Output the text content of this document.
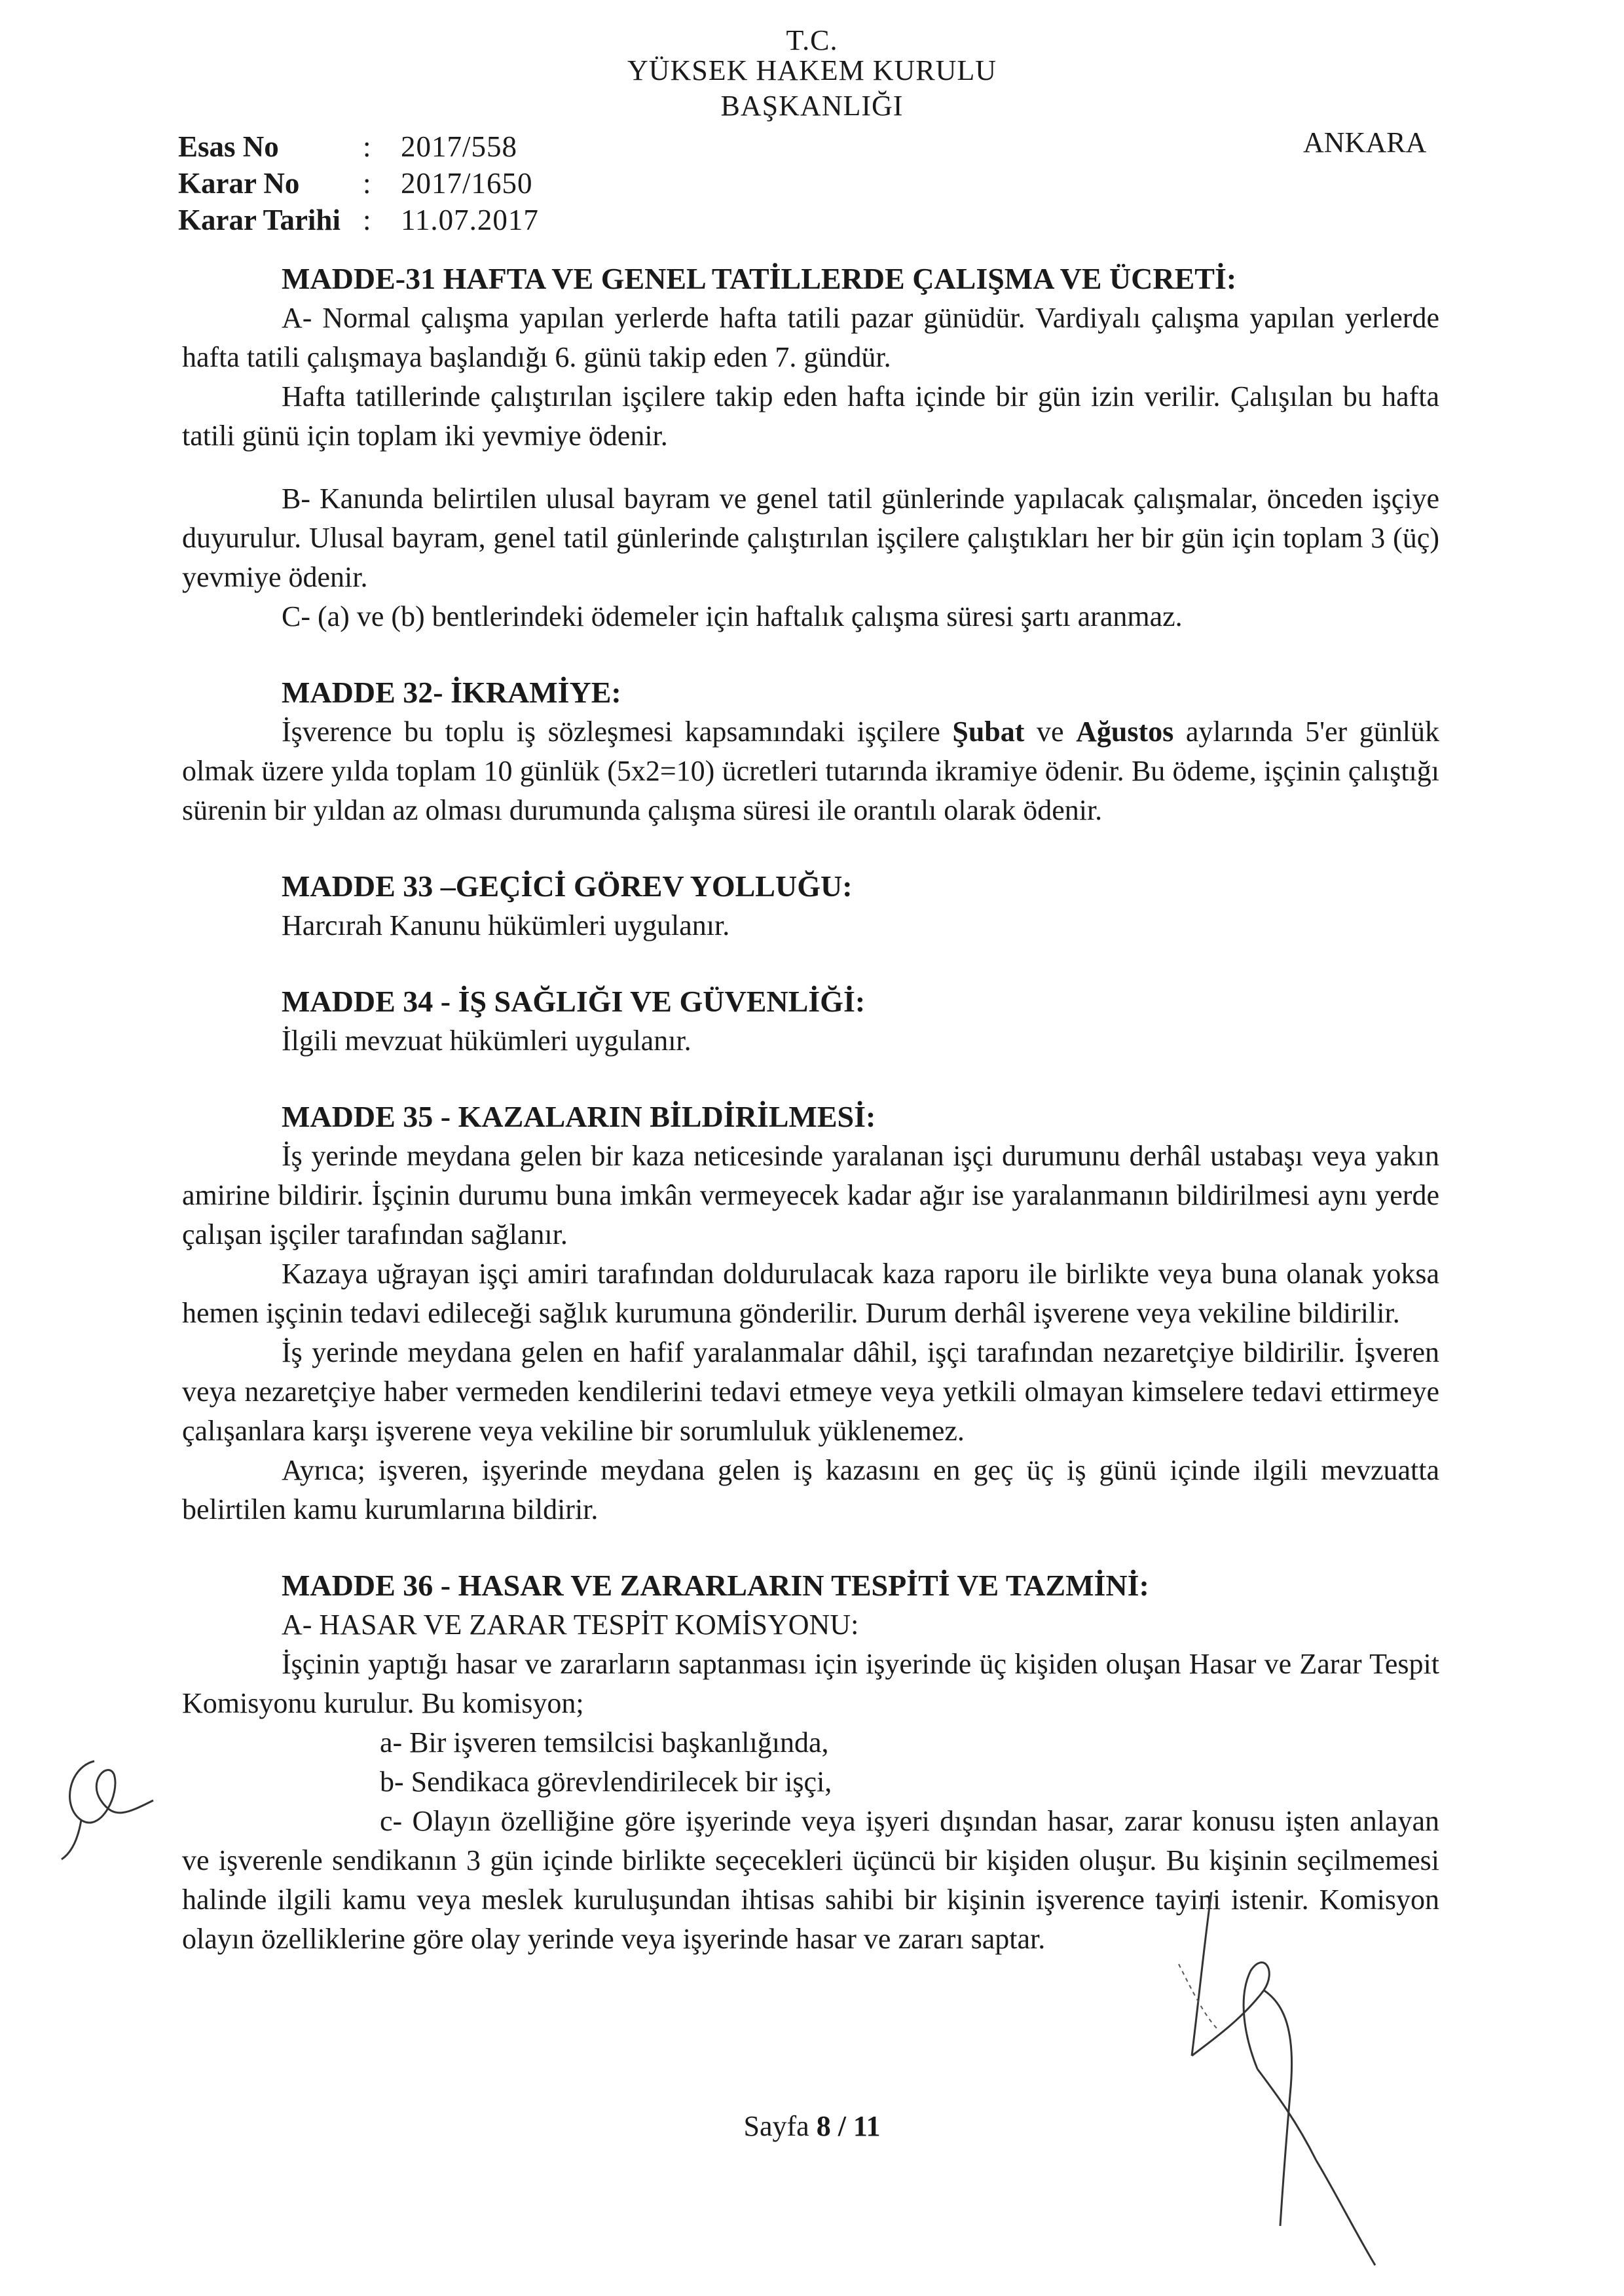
T.C.
YÜKSEK HAKEM KURULU
BAŞKANLIĞI
ANKARA
Esas No	:	2017/558
Karar No	:	2017/1650
Karar Tarihi :	11.07.2017

MADDE-31 HAFTA VE GENEL TATİLLERDE ÇALIŞMA VE ÜCRETİ:

A- Normal çalışma yapılan yerlerde hafta tatili pazar günüdür. Vardiyalı çalışma yapılan yerlerde hafta tatili çalışmaya başlandığı 6. günü takip eden 7. gündür.

Hafta tatillerinde çalıştırılan işçilere takip eden hafta içinde bir gün izin verilir. Çalışılan bu hafta tatili günü için toplam iki yevmiye ödenir.

B- Kanunda belirtilen ulusal bayram ve genel tatil günlerinde yapılacak çalışmalar, önceden işçiye duyurulur. Ulusal bayram, genel tatil günlerinde çalıştırılan işçilere çalıştıkları her bir gün için toplam 3 (üç) yevmiye ödenir.

C- (a) ve (b) bentlerindeki ödemeler için haftalık çalışma süresi şartı aranmaz.

MADDE 32- İKRAMİYE:

İşverence bu toplu iş sözleşmesi kapsamındaki işçilere Şubat ve Ağustos aylarında 5'er günlük olmak üzere yılda toplam 10 günlük (5x2=10) ücretleri tutarında ikramiye ödenir. Bu ödeme, işçinin çalıştığı sürenin bir yıldan az olması durumunda çalışma süresi ile orantılı olarak ödenir.

MADDE 33 –GEÇİCİ GÖREV YOLLUĞU:

Harcırah Kanunu hükümleri uygulanır.

MADDE 34 - İŞ SAĞLIĞI VE GÜVENLİĞİ:

İlgili mevzuat hükümleri uygulanır.

MADDE 35 - KAZALARIN BİLDİRİLMESİ:

İş yerinde meydana gelen bir kaza neticesinde yaralanan işçi durumunu derhâl ustabaşı veya yakın amirine bildirir. İşçinin durumu buna imkân vermeyecek kadar ağır ise yaralanmanın bildirilmesi aynı yerde çalışan işçiler tarafından sağlanır.

Kazaya uğrayan işçi amiri tarafından doldurulacak kaza raporu ile birlikte veya buna olanak yoksa hemen işçinin tedavi edileceği sağlık kurumuna gönderilir. Durum derhâl işverene veya vekiline bildirilir.

İş yerinde meydana gelen en hafif yaralanmalar dâhil, işçi tarafından nezaretçiye bildirilir. İşveren veya nezaretçiye haber vermeden kendilerini tedavi etmeye veya yetkili olmayan kimselere tedavi ettirmeye çalışanlara karşı işverene veya vekiline bir sorumluluk yüklenemez.

Ayrıca; işveren, işyerinde meydana gelen iş kazasını en geç üç iş günü içinde ilgili mevzuatta belirtilen kamu kurumlarına bildirir.

MADDE 36 - HASAR VE ZARARLARIN TESPİTİ VE TAZMİNİ:

A- HASAR VE ZARAR TESPİT KOMİSYONU:

İşçinin yaptığı hasar ve zararların saptanması için işyerinde üç kişiden oluşan Hasar ve Zarar Tespit Komisyonu kurulur. Bu komisyon;

a- Bir işveren temsilcisi başkanlığında,

b- Sendikaca görevlendirilecek bir işçi,

c- Olayın özelliğine göre işyerinde veya işyeri dışından hasar, zarar konusu işten anlayan ve işverenle sendikanın 3 gün içinde birlikte seçecekleri üçüncü bir kişiden oluşur. Bu kişinin seçilmemesi halinde ilgili kamu veya meslek kuruluşundan ihtisas sahibi bir kişinin işverence tayini istenir. Komisyon olayın özelliklerine göre olay yerinde veya işyerinde hasar ve zararı saptar.

Sayfa 8 / 11
